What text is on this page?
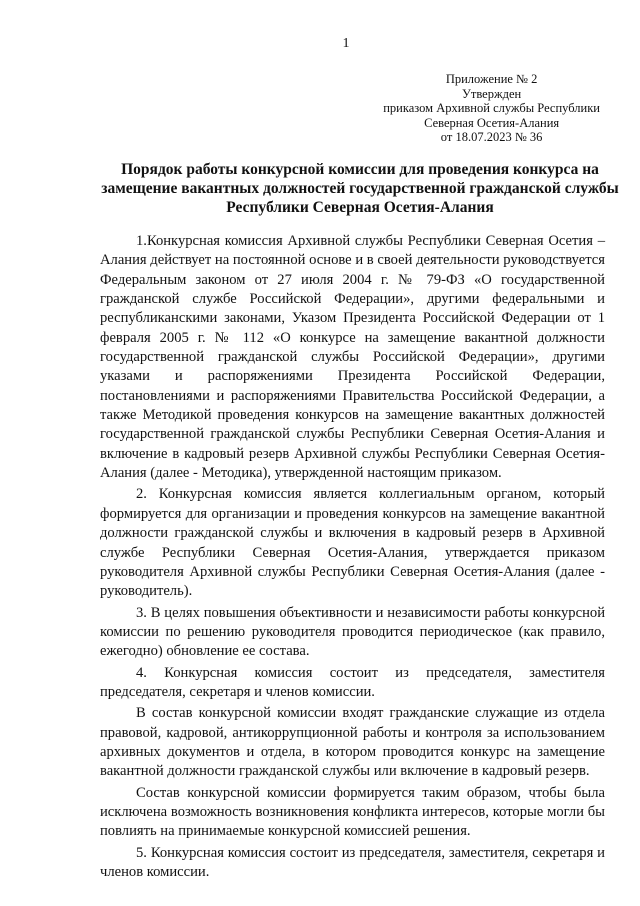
1
Приложение № 2
Утвержден
приказом Архивной службы Республики
Северная Осетия-Алания
от 18.07.2023 № 36
Порядок работы конкурсной комиссии для проведения конкурса на замещение вакантных должностей государственной гражданской службы Республики Северная Осетия-Алания

1.Конкурсная комиссия Архивной службы Республики Северная Осетия –Алания действует на постоянной основе и в своей деятельности руководствуется Федеральным законом от 27 июля 2004 г. № 79-ФЗ «О государственной гражданской службе Российской Федерации», другими федеральными и республиканскими законами, Указом Президента Российской Федерации от 1 февраля 2005 г. № 112 «О конкурсе на замещение вакантной должности государственной гражданской службы Российской Федерации», другими указами и распоряжениями Президента Российской Федерации, постановлениями и распоряжениями Правительства Российской Федерации, а также Методикой проведения конкурсов на замещение вакантных должностей государственной гражданской службы Республики Северная Осетия-Алания и включение в кадровый резерв Архивной службы Республики Северная Осетия-Алания (далее - Методика), утвержденной настоящим приказом.

2. Конкурсная комиссия является коллегиальным органом, который формируется для организации и проведения конкурсов на замещение вакантной должности гражданской службы и включения в кадровый резерв в Архивной службе Республики Северная Осетия-Алания, утверждается приказом руководителя Архивной службы Республики Северная Осетия-Алания (далее - руководитель).

3. В целях повышения объективности и независимости работы конкурсной комиссии по решению руководителя проводится периодическое (как правило, ежегодно) обновление ее состава.

4. Конкурсная комиссия состоит из председателя, заместителя председателя, секретаря и членов комиссии.

В состав конкурсной комиссии входят гражданские служащие из отдела правовой, кадровой, антикоррупционной работы и контроля за использованием архивных документов и отдела, в котором проводится конкурс на замещение вакантной должности гражданской службы или включение в кадровый резерв.

Состав конкурсной комиссии формируется таким образом, чтобы была исключена возможность возникновения конфликта интересов, которые могли бы повлиять на принимаемые конкурсной комиссией решения.

5. Конкурсная комиссия состоит из председателя, заместителя, секретаря и членов комиссии.
